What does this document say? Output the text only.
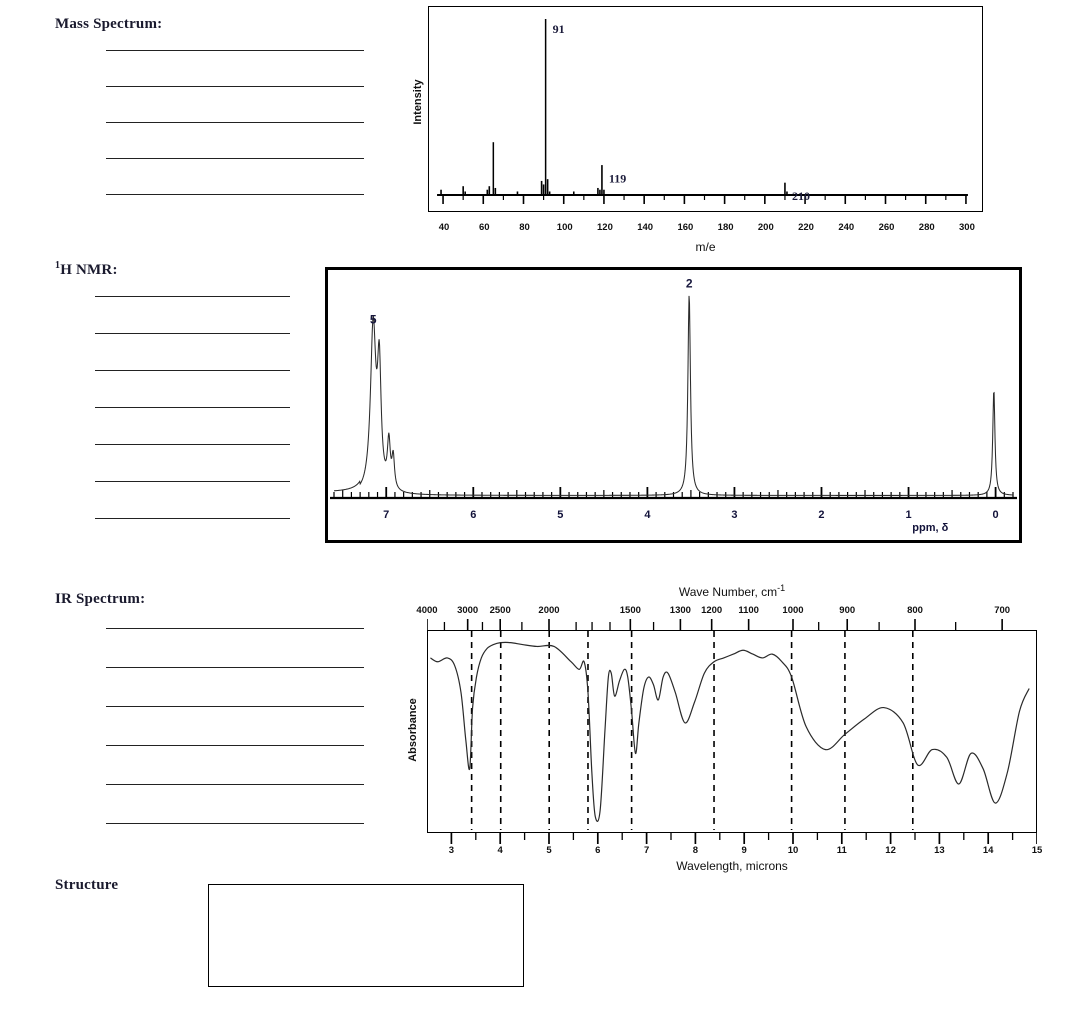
Mass Spectrum:	91
119
210
Intensity
40	60	80	100	120	140	160	180	200	220	240	260	280	300
m/e
$^1$H NMR:
7	6	5	4	3	2	1	0
ppm, δ
5
2
IR Spectrum:	Wave Number, $cm^{-1}$
4000 3000 2500	2000	1500	1300 1200 1100 1000	900	800	700
3	4	5	6	7	8	9	10	11	12	13	14	15
Absorbance
Wavelength, microns
Structure
